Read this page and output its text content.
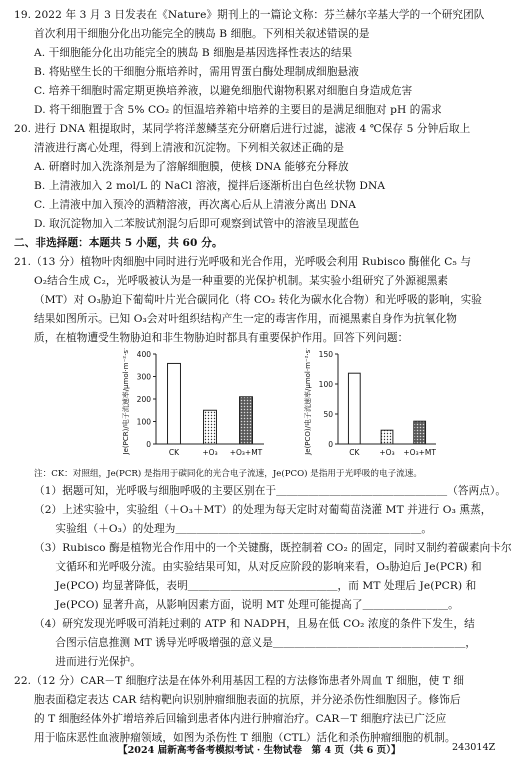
19. 2022 年 3 月 3 日发表在《Nature》期刊上的一篇论文称：芬兰赫尔辛基大学的一个研究团队
首次利用干细胞分化出功能完全的胰岛 B 细胞。下列相关叙述错误的是
A. 干细胞能分化出功能完全的胰岛 B 细胞是基因选择性表达的结果
B. 将贴壁生长的干细胞分瓶培养时，需用胃蛋白酶处理制成细胞悬液
C. 培养干细胞时需定期更换培养液，以避免细胞代谢物积累对细胞自身造成危害
D. 将干细胞置于含 5% CO₂ 的恒温培养箱中培养的主要目的是满足细胞对 pH 的需求
20. 进行 DNA 粗提取时，某同学将洋葱鳞茎充分研磨后进行过滤，滤液 4 ℃保存 5 分钟后取上
清液进行离心处理，得到上清液和沉淀物。下列相关叙述正确的是
A. 研磨时加入洗涤剂是为了溶解细胞膜，使核 DNA 能够充分释放
B. 上清液加入 2 mol/L 的 NaCl 溶液，搅拌后逐渐析出白色丝状物 DNA
C. 上清液中加入预冷的酒精溶液，再次离心后从上清液分离出 DNA
D. 取沉淀物加入二苯胺试剂混匀后即可观察到试管中的溶液呈现蓝色
二、非选择题：本题共 5 小题，共 60 分。
21.（13 分）植物叶肉细胞中同时进行光呼吸和光合作用，光呼吸会利用 Rubisco 酶催化 C₅ 与
O₂结合生成 C₂，光呼吸被认为是一种重要的光保护机制。某实验小组研究了外源褪黑素
（MT）对 O₃胁迫下葡萄叶片光合碳同化（将 CO₂ 转化为碳水化合物）和光呼吸的影响，实验
结果如图所示。已知 O₃会对叶组织结构产生一定的毒害作用，而褪黑素自身作为抗氧化物
质，在植物遭受生物胁迫和非生物胁迫时都具有重要保护作用。回答下列问题：
0
100
200
300
400
Je(PCR)/电子流速率/μmol·m⁻²·s⁻¹	CK	+O₃ +O₃+MT
0
50
100
150
Je(PCO)/电子流速率/μmol·m⁻²·s⁻¹	CK	+O₃ +O₃+MT
注：CK：对照组，Je(PCR) 是指用于碳同化的光合电子流速，Je(PCO) 是指用于光呼吸的电子流速。
（1）据题可知，光呼吸与细胞呼吸的主要区别在于＿＿＿＿＿＿＿＿＿＿＿＿＿＿＿＿（答两点）。
（2）上述实验中，实验组（＋O₃＋MT）的处理为每天定时对葡萄苗浇灌 MT 并进行 O₃ 熏蒸，
　　实验组（＋O₃）的处理为＿＿＿＿＿＿＿＿＿＿＿＿＿＿＿＿＿＿＿＿＿＿＿。
（3）Rubisco 酶是植物光合作用中的一个关键酶，既控制着 CO₂ 的固定，同时又制约着碳素向卡尔
　　文循环和光呼吸分流。由实验结果可知，从对反应阶段的影响来看，O₃胁迫后 Je(PCR) 和
　　Je(PCO) 均显著降低，表明＿＿＿＿＿＿＿＿＿＿＿＿＿＿，而 MT 处理后 Je(PCR) 和
　　Je(PCO) 显著升高，从影响因素方面，说明 MT 处理可能提高了＿＿＿＿＿＿＿＿。
（4）研究发现光呼吸可消耗过剩的 ATP 和 NADPH，且易在低 CO₂ 浓度的条件下发生，结
　　合图示信息推测 MT 诱导光呼吸增强的意义是＿＿＿＿＿＿＿＿＿＿＿＿＿＿＿＿＿＿，
　　进而进行光保护。
22.（12 分）CAR－T 细胞疗法是在体外利用基因工程的方法修饰患者外周血 T 细胞，使 T 细
胞表面稳定表达 CAR 结构靶向识别肿瘤细胞表面的抗原，并分泌杀伤性细胞因子。修饰后
的 T 细胞经体外扩增培养后回输到患者体内进行肿瘤治疗。CAR－T 细胞疗法已广泛应
用于临床恶性血液肿瘤领域，如图为杀伤性 T 细胞（CTL）活化和杀伤肿瘤细胞的机制。
【2024 届新高考备考模拟考试 · 生物试卷　第 4 页（共 6 页）】	243014Z
